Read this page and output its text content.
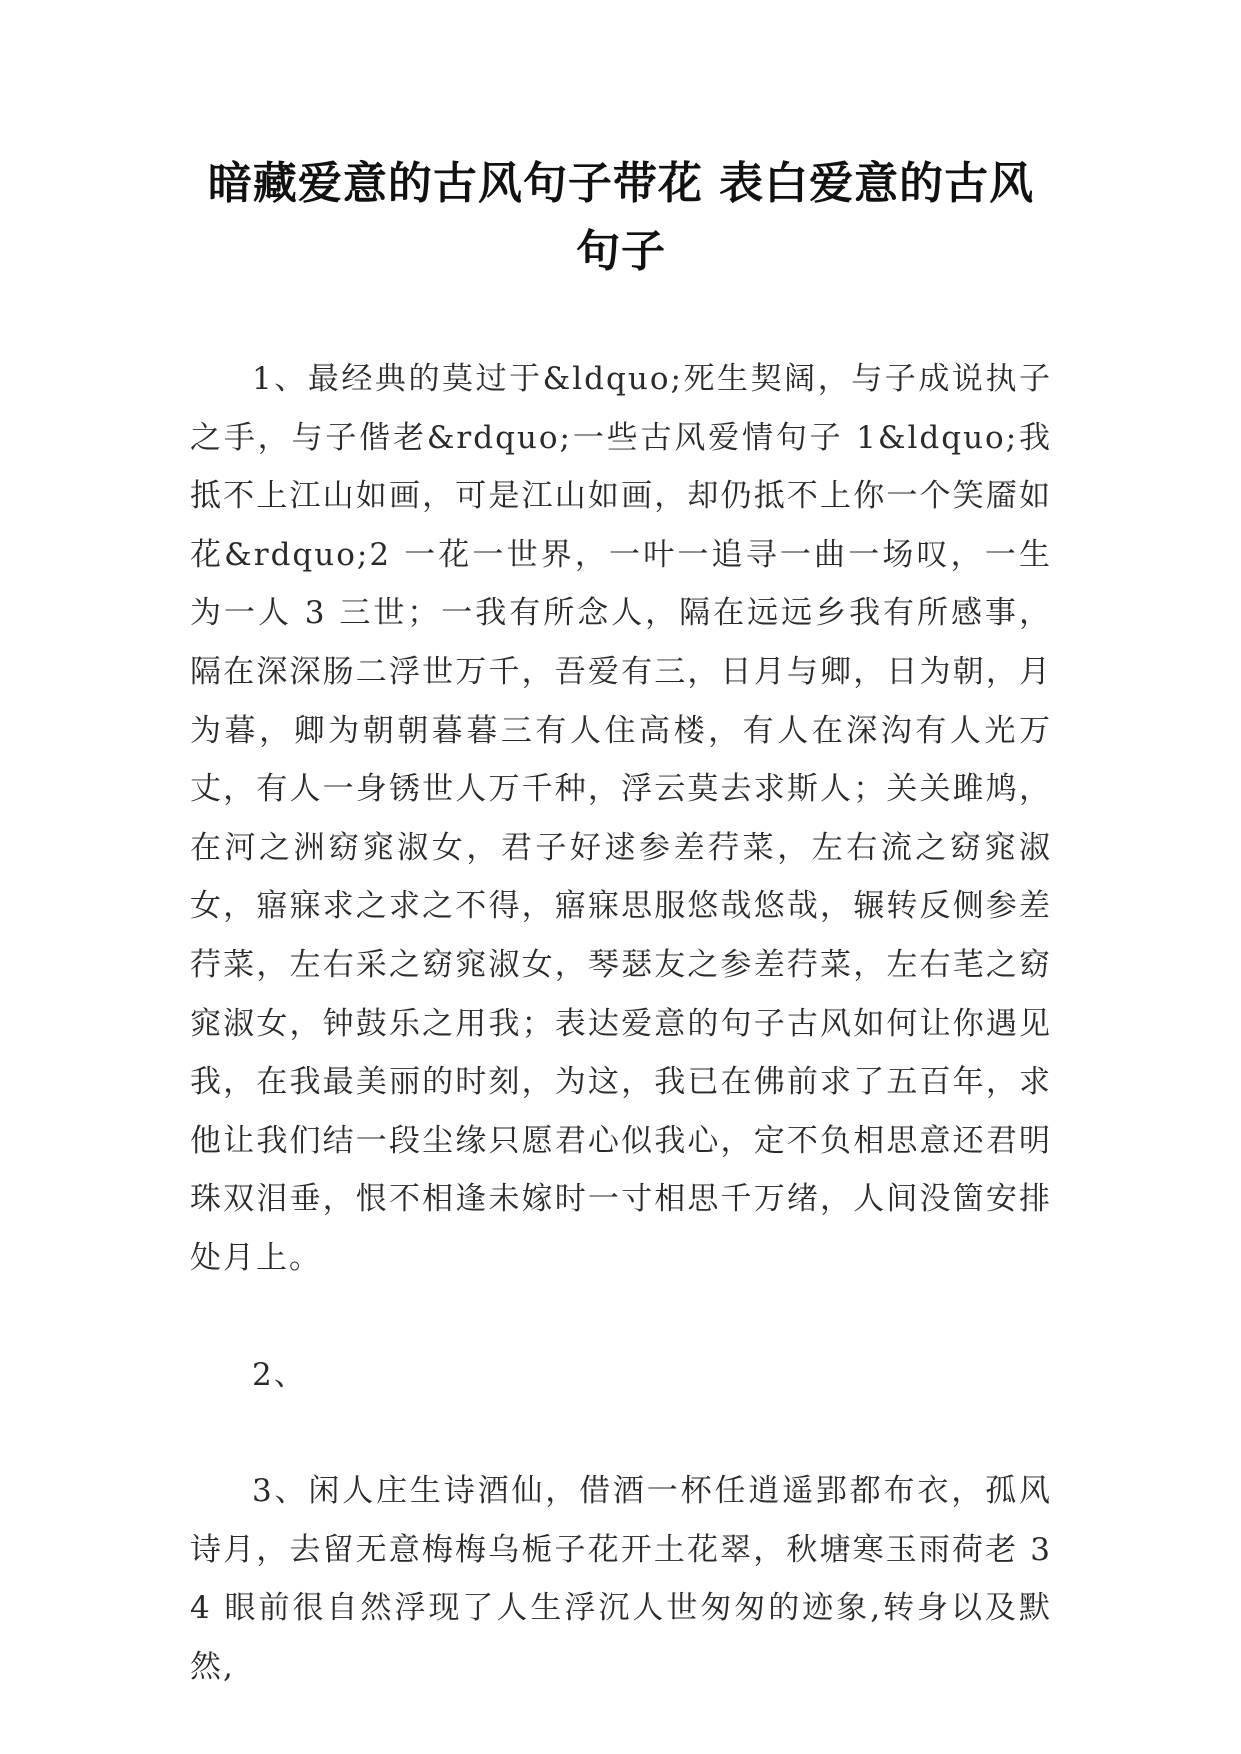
暗藏爱意的古风句子带花 表白爱意的古风句子

1、最经典的莫过于&ldquo;死生契阔，与子成说执子之手，与子偕老&rdquo;一些古风爱情句子 1&ldquo;我抵不上江山如画，可是江山如画，却仍抵不上你一个笑靥如花&rdquo;2 一花一世界，一叶一追寻一曲一场叹，一生为一人 3 三世；一我有所念人，隔在远远乡我有所感事，隔在深深肠二浮世万千，吾爱有三，日月与卿，日为朝，月为暮，卿为朝朝暮暮三有人住高楼，有人在深沟有人光万丈，有人一身锈世人万千种，浮云莫去求斯人；关关雎鸠，在河之洲窈窕淑女，君子好逑参差荇菜，左右流之窈窕淑女，寤寐求之求之不得，寤寐思服悠哉悠哉，辗转反侧参差荇菜，左右采之窈窕淑女，琴瑟友之参差荇菜，左右芼之窈窕淑女，钟鼓乐之用我；表达爱意的句子古风如何让你遇见我，在我最美丽的时刻，为这，我已在佛前求了五百年，求他让我们结一段尘缘只愿君心似我心，定不负相思意还君明珠双泪垂，恨不相逢未嫁时一寸相思千万绪，人间没箇安排处月上。

2、

3、闲人庄生诗酒仙，借酒一杯任逍遥郢都布衣，孤风诗月，去留无意梅梅乌栀子花开土花翠，秋塘寒玉雨荷老 34 眼前很自然浮现了人生浮沉人世匆匆的迹象,转身以及默然,
